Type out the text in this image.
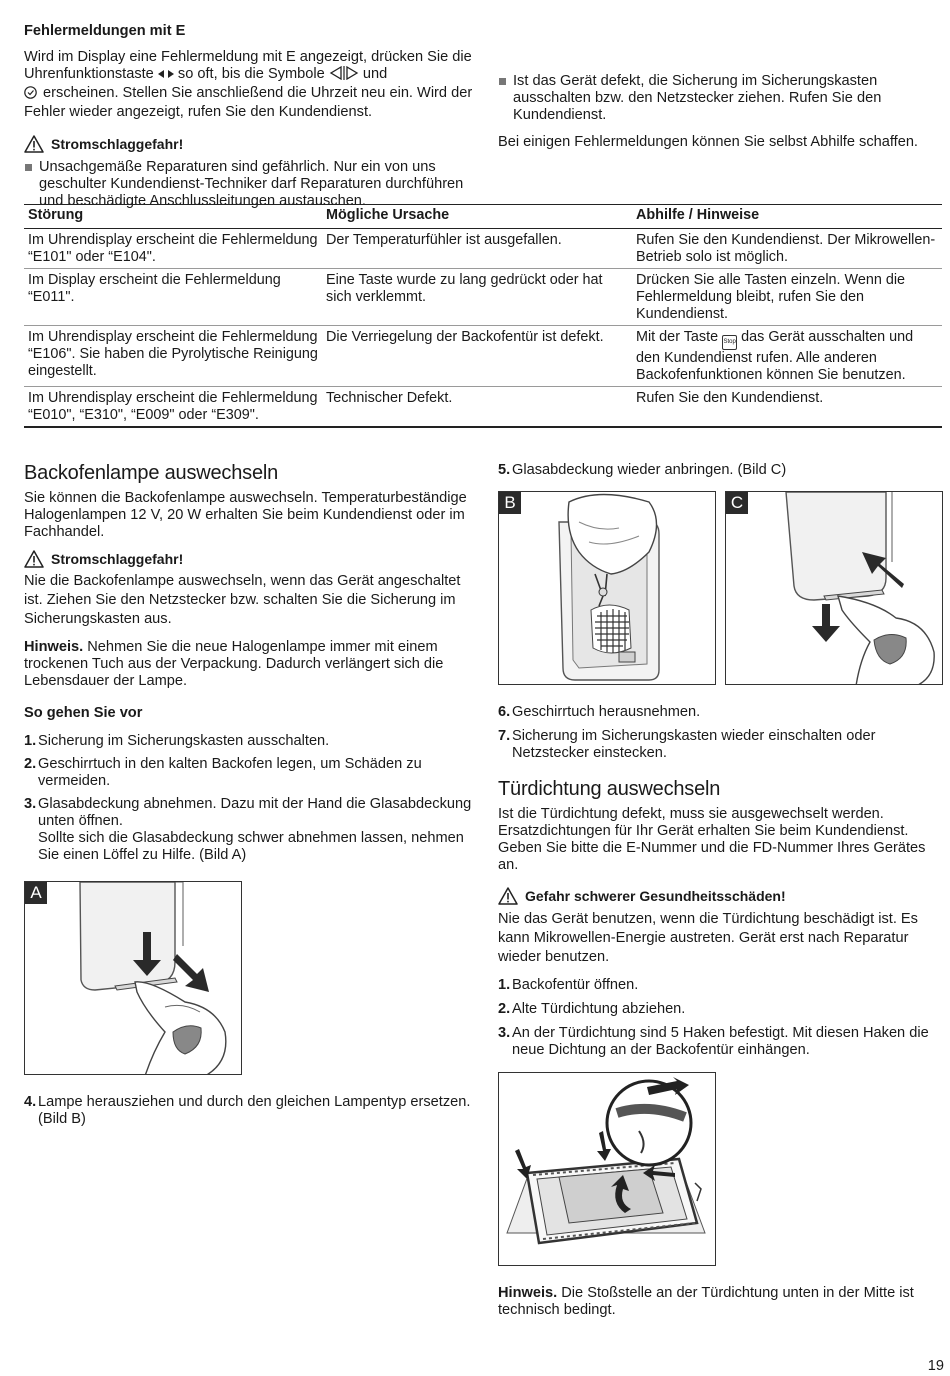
Fehlermeldungen mit E

Wird im Display eine Fehlermeldung mit E angezeigt, drücken Sie die Uhrenfunktionstaste  so oft, bis die Symbole  und
erscheinen. Stellen Sie anschließend die Uhrzeit neu ein. Wird der Fehler wieder angezeigt, rufen Sie den Kundendienst.

Stromschlaggefahr!

Unsachgemäße Reparaturen sind gefährlich. Nur ein von uns geschulter Kundendienst-Techniker darf Reparaturen durchführen und beschädigte Anschlussleitungen austauschen.

Ist das Gerät defekt, die Sicherung im Sicherungskasten ausschalten bzw. den Netzstecker ziehen. Rufen Sie den Kundendienst.

Bei einigen Fehlermeldungen können Sie selbst Abhilfe schaffen.

Störung	Mögliche Ursache	Abhilfe / Hinweise
Im Uhrendisplay erscheint die Fehlermeldung “E101" oder “E104".	Der Temperaturfühler ist ausgefallen.	Rufen Sie den Kundendienst. Der Mikrowellen-Betrieb solo ist möglich.
Im Display erscheint die Fehlermeldung “E011".	Eine Taste wurde zu lang gedrückt oder hat sich verklemmt.	Drücken Sie alle Tasten einzeln. Wenn die Fehlermeldung bleibt, rufen Sie den Kundendienst.
Im Uhrendisplay erscheint die Fehlermeldung “E106". Sie haben die Pyrolytische Reinigung eingestellt.	Die Verriegelung der Backofentür ist defekt.	Mit der Taste Stop das Gerät ausschalten und den Kundendienst rufen. Alle anderen Backofenfunktionen können Sie benutzen.
Im Uhrendisplay erscheint die Fehlermeldung “E010", “E310", “E009" oder “E309".	Technischer Defekt.	Rufen Sie den Kundendienst.
Backofenlampe auswechseln

Sie können die Backofenlampe auswechseln. Temperaturbeständige Halogenlampen 12 V, 20 W erhalten Sie beim Kundendienst oder im Fachhandel.

Stromschlaggefahr!

Nie die Backofenlampe auswechseln, wenn das Gerät angeschaltet ist. Ziehen Sie den Netzstecker bzw. schalten Sie die Sicherung im Sicherungskasten aus.

Hinweis. Nehmen Sie die neue Halogenlampe immer mit einem trockenen Tuch aus der Verpackung. Dadurch verlängert sich die Lebensdauer der Lampe.

So gehen Sie vor
1. Sicherung im Sicherungskasten ausschalten.
2. Geschirrtuch in den kalten Backofen legen, um Schäden zu vermeiden.
3. Glasabdeckung abnehmen. Dazu mit der Hand die Glasabdeckung unten öffnen.
Sollte sich die Glasabdeckung schwer abnehmen lassen, nehmen Sie einen Löffel zu Hilfe. (Bild A)
A
4. Lampe herausziehen und durch den gleichen Lampentyp ersetzen. (Bild B)
5. Glasabdeckung wieder anbringen. (Bild C)
B	C
6. Geschirrtuch herausnehmen.
7. Sicherung im Sicherungskasten wieder einschalten oder Netzstecker einstecken.
Türdichtung auswechseln

Ist die Türdichtung defekt, muss sie ausgewechselt werden. Ersatzdichtungen für Ihr Gerät erhalten Sie beim Kundendienst. Geben Sie bitte die E-Nummer und die FD-Nummer Ihres Gerätes an.

Gefahr schwerer Gesundheitsschäden!

Nie das Gerät benutzen, wenn die Türdichtung beschädigt ist. Es kann Mikrowellen-Energie austreten. Gerät erst nach Reparatur wieder benutzen.

1. Backofentür öffnen.
2. Alte Türdichtung abziehen.
3. An der Türdichtung sind 5 Haken befestigt. Mit diesen Haken die neue Dichtung an der Backofentür einhängen.

Hinweis. Die Stoßstelle an der Türdichtung unten in der Mitte ist technisch bedingt.

19
